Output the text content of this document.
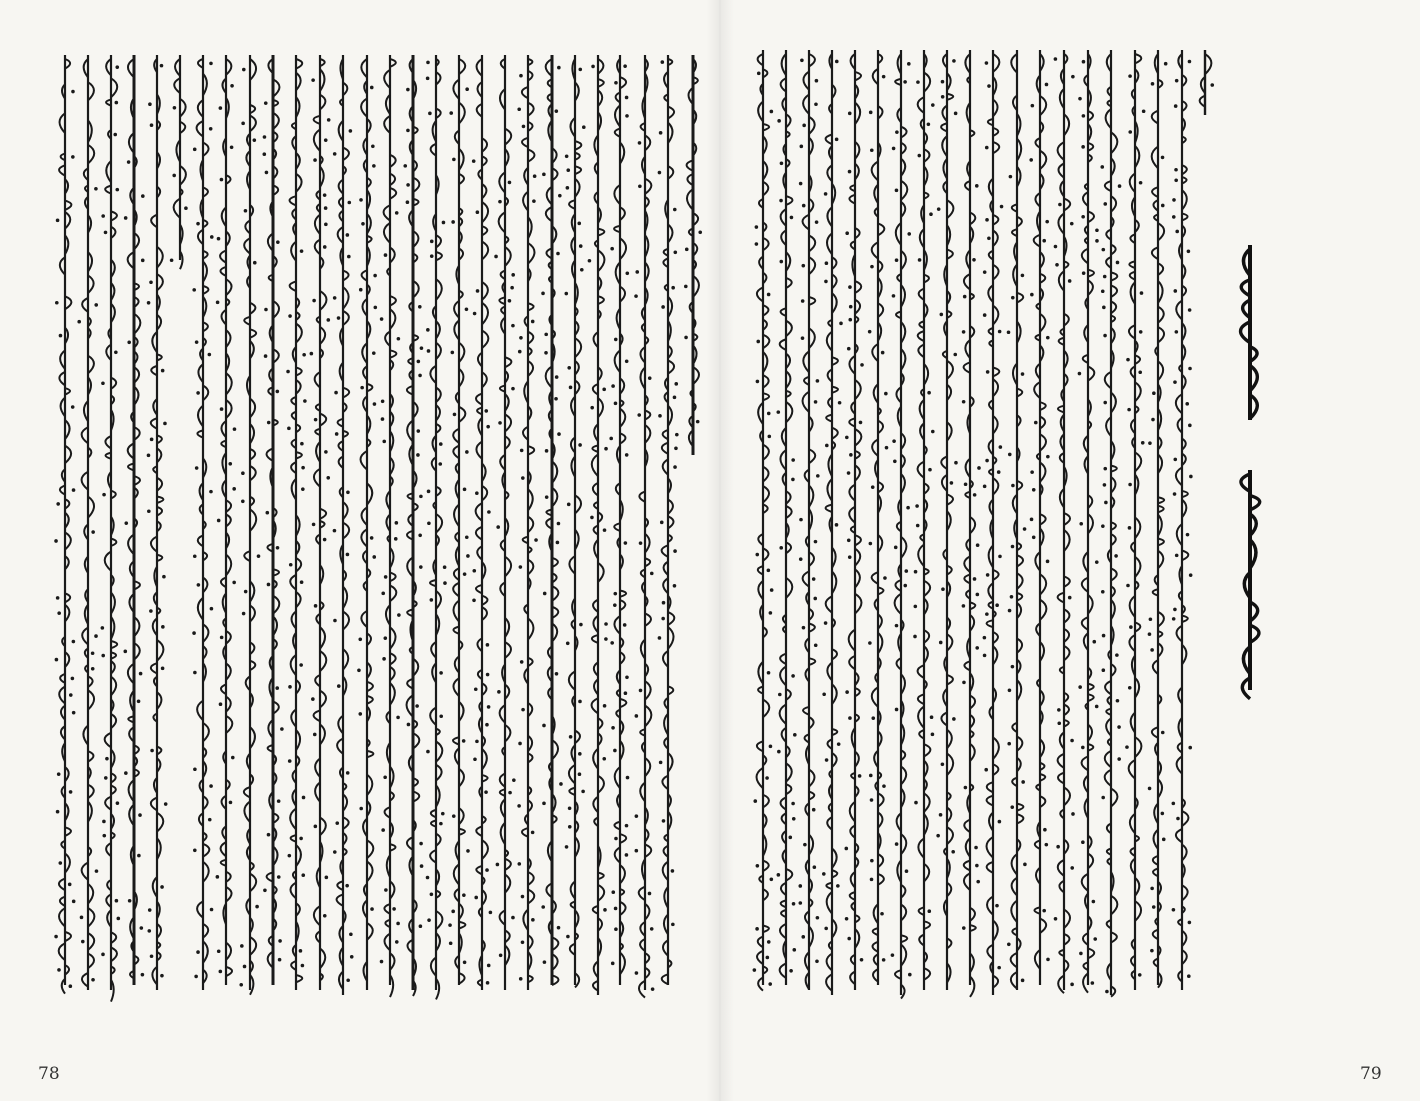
78	79
